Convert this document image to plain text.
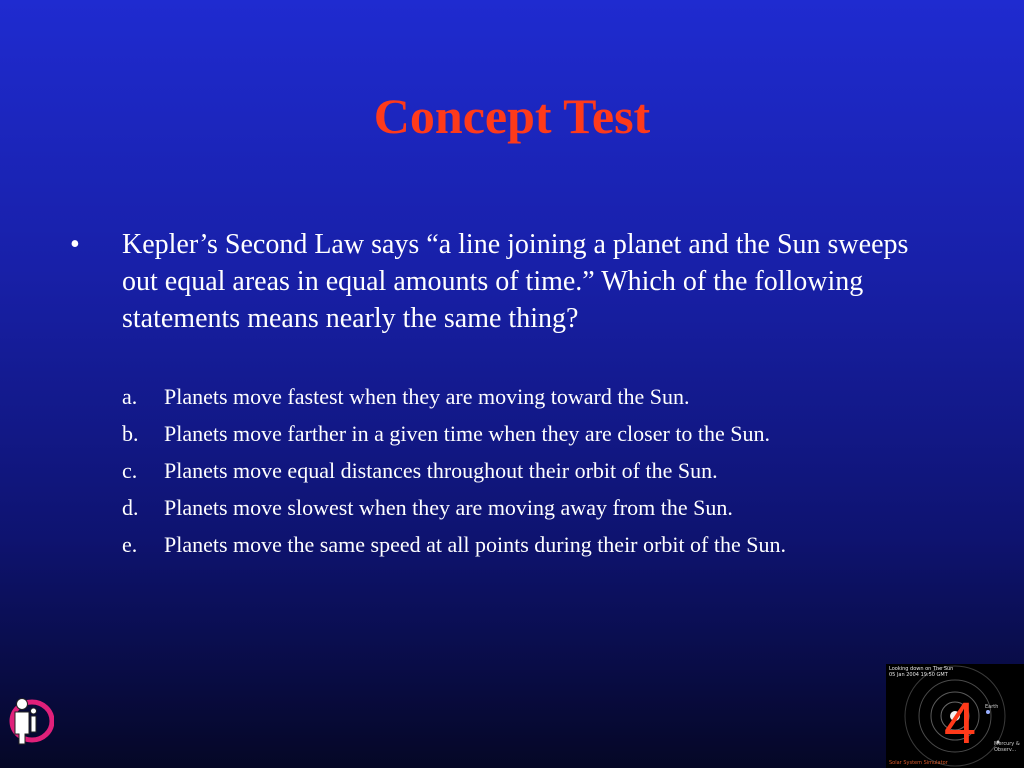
Concept Test
•	Kepler’s Second Law says “a line joining a planet and the Sun sweeps out equal areas in equal amounts of time.” Which of the following statements means nearly the same thing?
a.	Planets move fastest when they are moving toward the Sun.
b.	Planets move farther in a given time when they are closer to the Sun.
c.	Planets move equal distances throughout their orbit of the Sun.
d.	Planets move slowest when they are moving away from the Sun.
e.	Planets move the same speed at all points during their orbit of the Sun.
Looking down on The Sun
05 Jan 2004 19:50 GMT
Earth
Mercury & Observ...
Solar System Simulator
4
